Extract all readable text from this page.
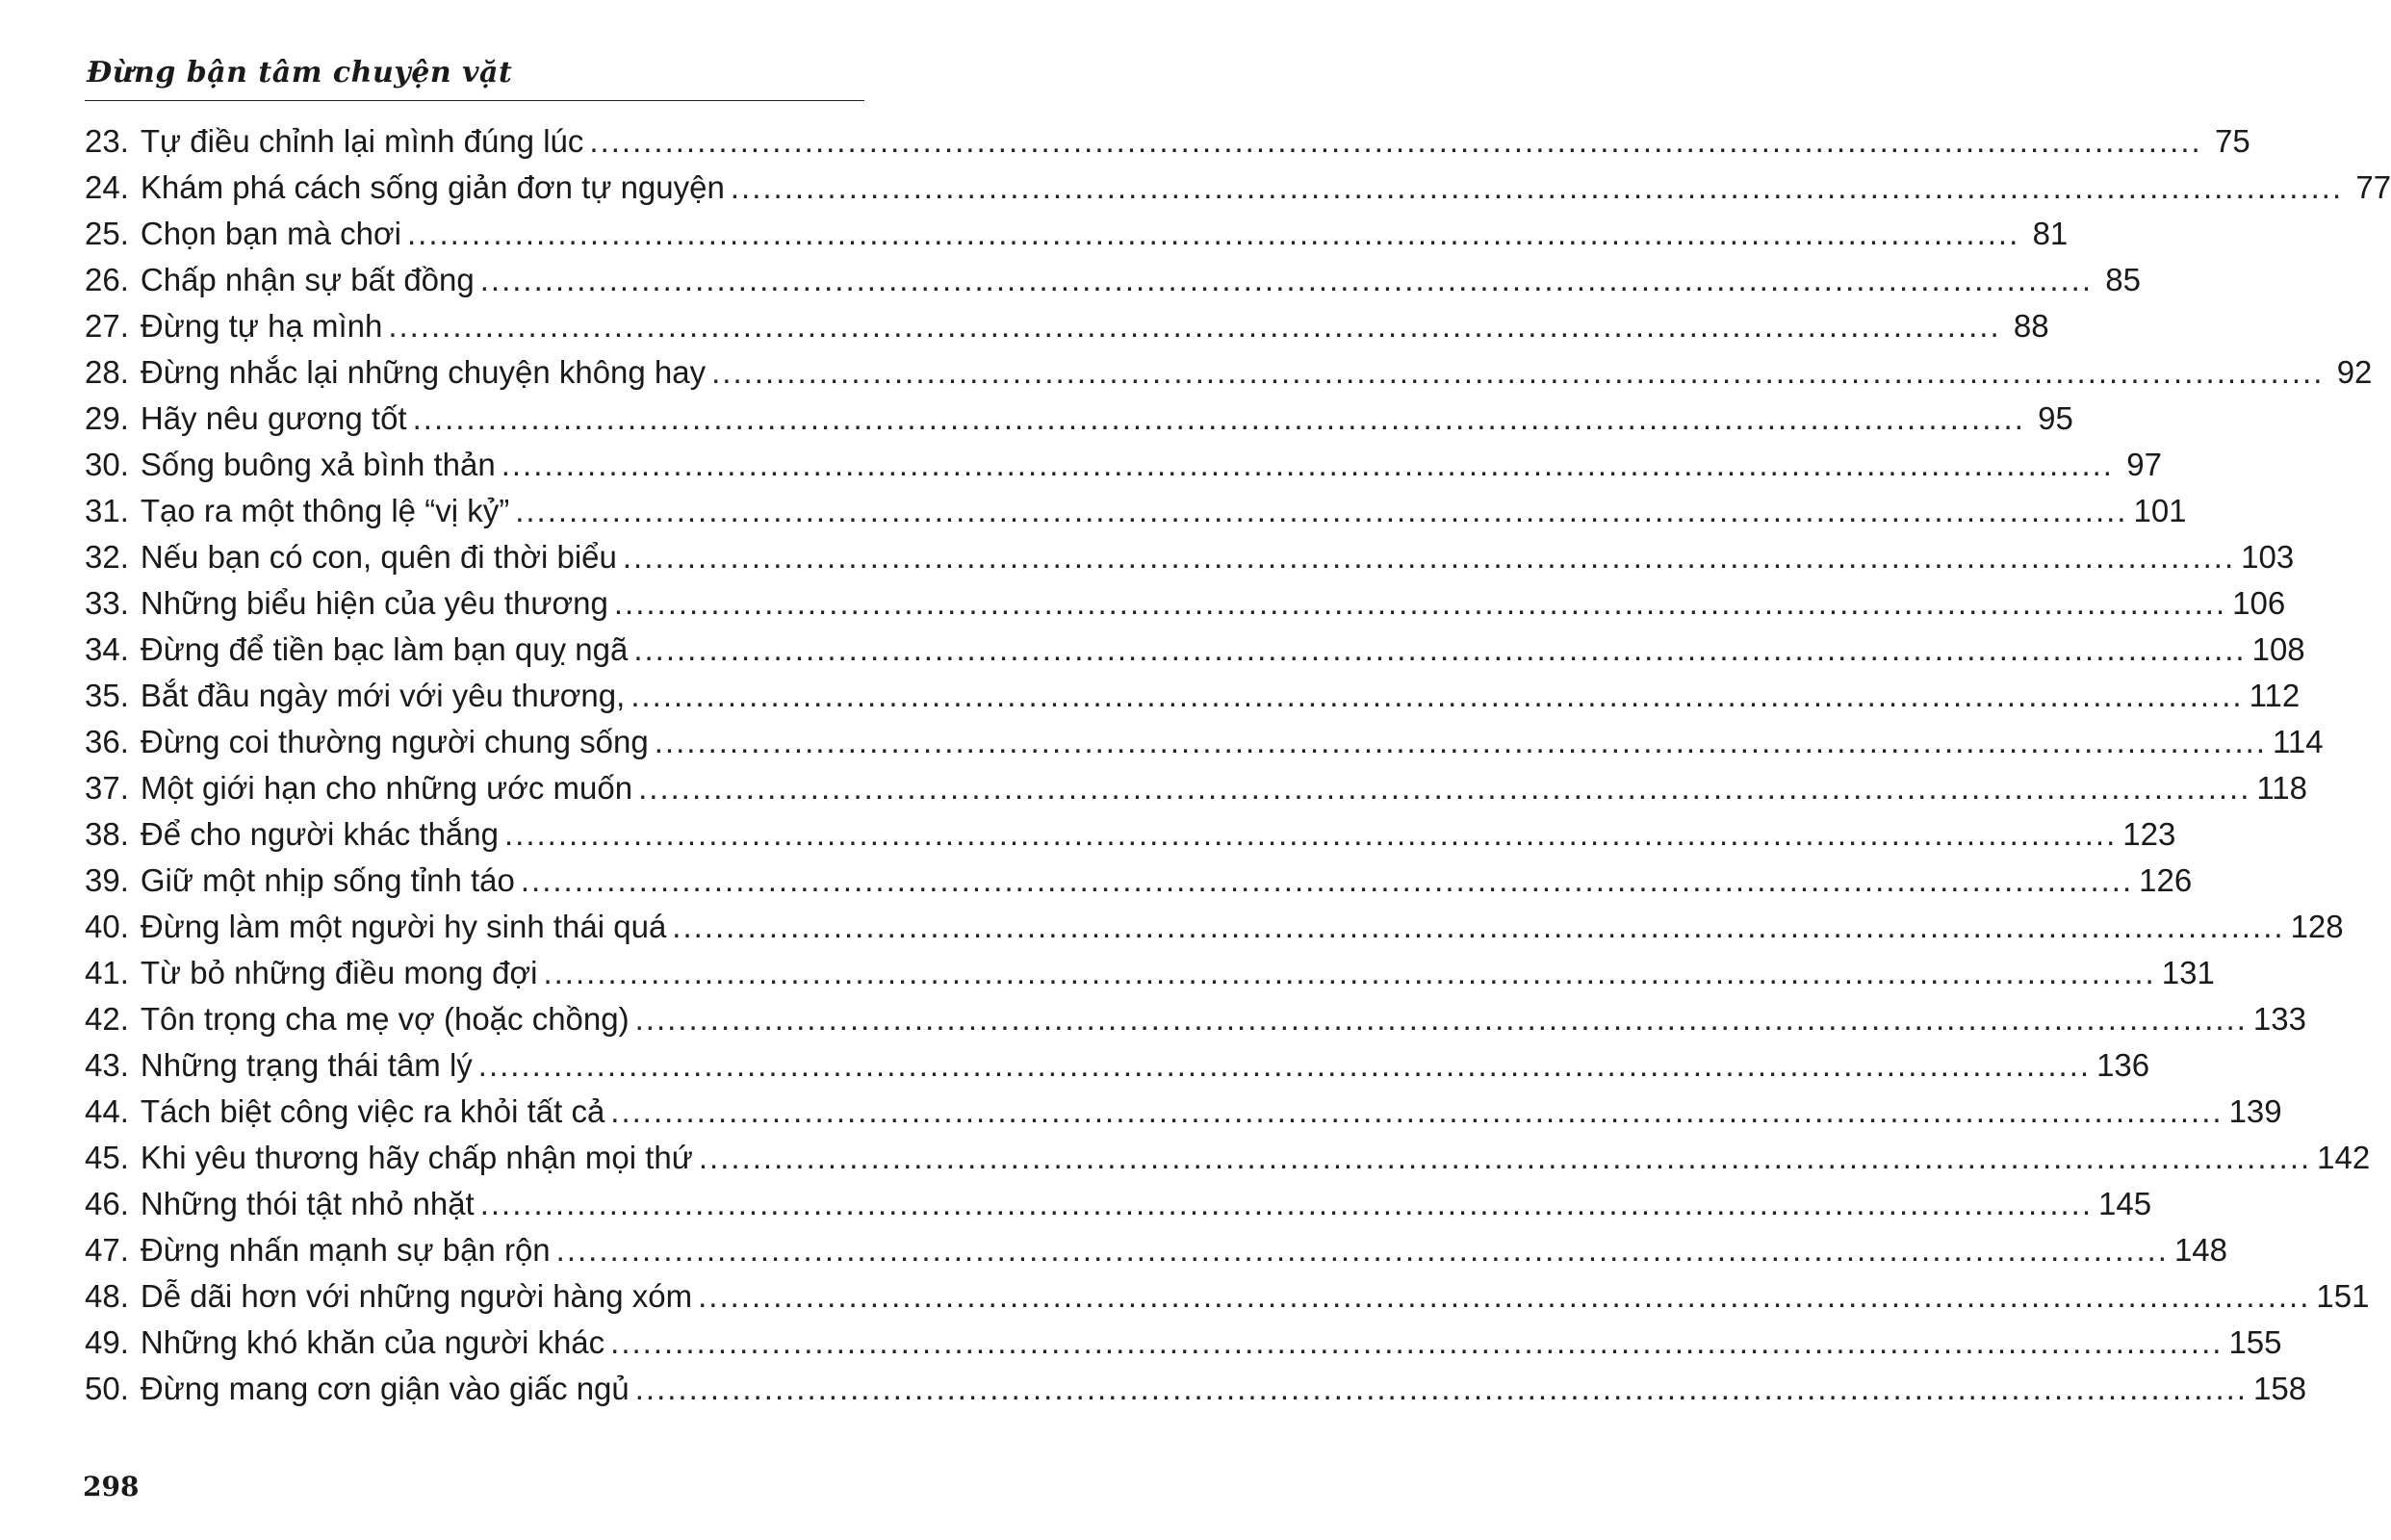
Đừng bận tâm chuyện vặt
23. Tự điều chỉnh lại mình đúng lúc .....	75
24. Khám phá cách sống giản đơn tự nguyện .....	77
25. Chọn bạn mà chơi .....	81
26. Chấp nhận sự bất đồng .....	85
27. Đừng tự hạ mình .....	88
28. Đừng nhắc lại những chuyện không hay .....	92
29. Hãy nêu gương tốt .....	95
30. Sống buông xả bình thản .....	97
31. Tạo ra một thông lệ “vị kỷ” .....	101
32. Nếu bạn có con, quên đi thời biểu .....	103
33. Những biểu hiện của yêu thương .....	106
34. Đừng để tiền bạc làm bạn quỵ ngã .....	108
35. Bắt đầu ngày mới với yêu thương, .....	112
36. Đừng coi thường người chung sống .....	114
37. Một giới hạn cho những ước muốn .....	118
38. Để cho người khác thắng .....	123
39. Giữ một nhịp sống tỉnh táo .....	126
40. Đừng làm một người hy sinh thái quá .....	128
41. Từ bỏ những điều mong đợi .....	131
42. Tôn trọng cha mẹ vợ (hoặc chồng) .....	133
43. Những trạng thái tâm lý .....	136
44. Tách biệt công việc ra khỏi tất cả .....	139
45. Khi yêu thương hãy chấp nhận mọi thứ .....	142
46. Những thói tật nhỏ nhặt .....	145
47. Đừng nhấn mạnh sự bận rộn .....	148
48. Dễ dãi hơn với những người hàng xóm .....	151
49. Những khó khăn của người khác .....	155
50. Đừng mang cơn giận vào giấc ngủ .....	158
298
